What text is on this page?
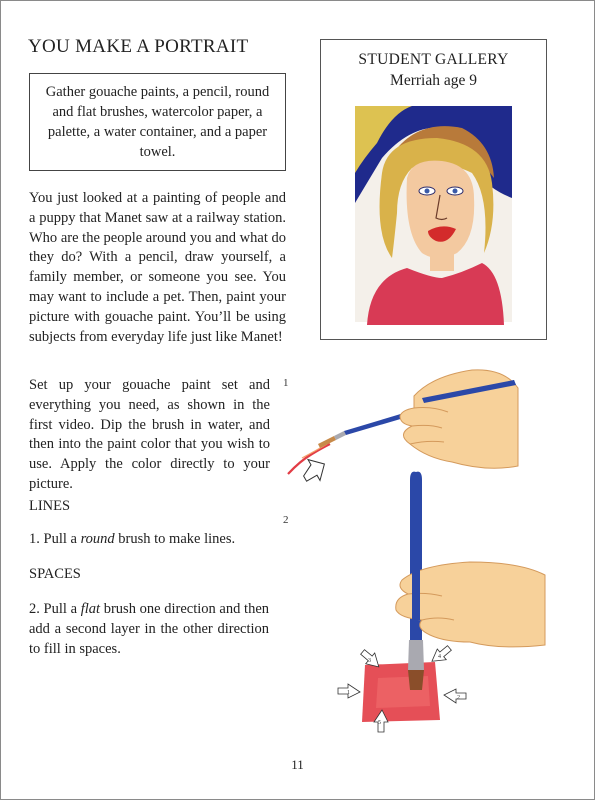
YOU MAKE A PORTRAIT
Gather gouache paints, a pencil, round and flat brushes, watercolor paper, a palette, a water container, and a paper towel.
You just looked at a painting of people and a puppy that Manet saw at a railway station. Who are the people around you and what do they do? With a pencil, draw yourself, a family member, or someone you see. You may want to include a pet. Then, paint your picture with gouache paint. You’ll be using subjects from everyday life just like Manet!
Set up your gouache paint set and everything you need, as shown in the first video. Dip the brush in water, and then into the paint color that you wish to use. Apply the color directly to your picture.
LINES
1. Pull a round brush to make lines.
SPACES
2. Pull a flat brush one direction and then add a second layer in the other direction to fill in spaces.
1
2
STUDENT GALLERY
Merriah age 9
1
2
3
4
5
11
